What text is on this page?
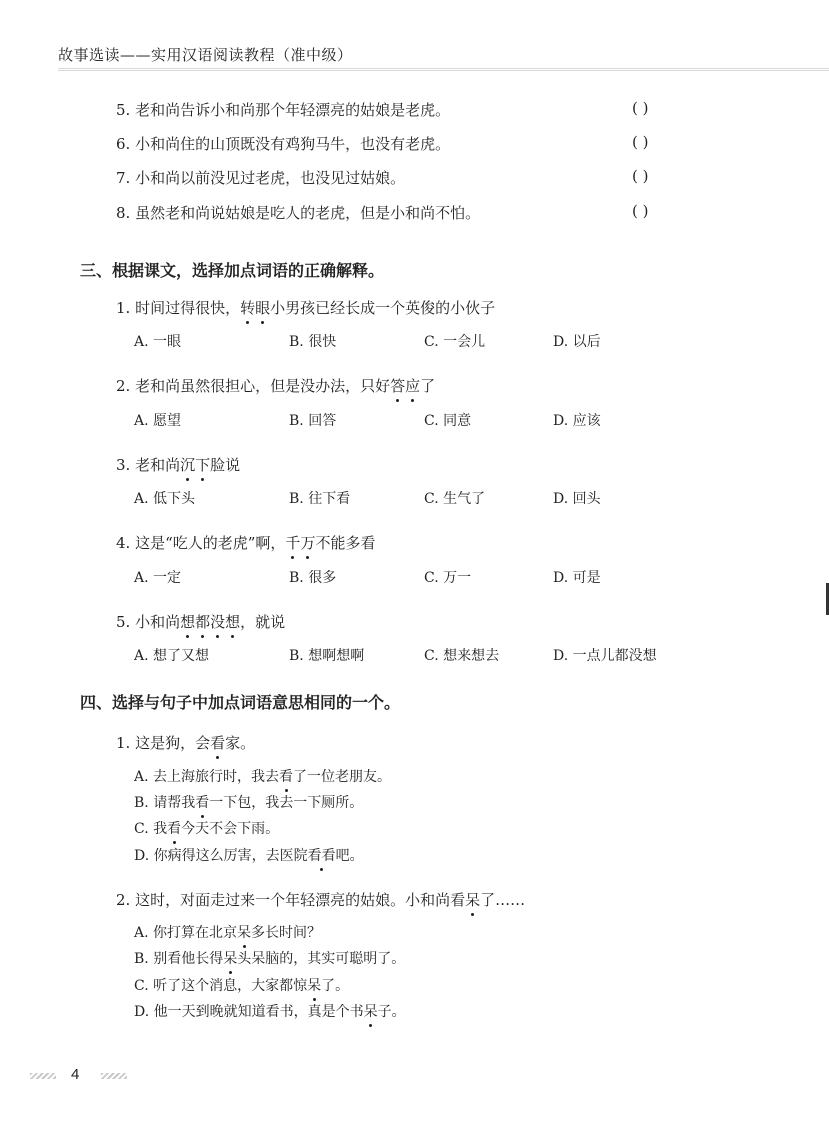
故事选读——实用汉语阅读教程（准中级）
5. 老和尚告诉小和尚那个年轻漂亮的姑娘是老虎。	( )
6. 小和尚住的山顶既没有鸡狗马牛，也没有老虎。	( )
7. 小和尚以前没见过老虎，也没见过姑娘。	( )
8. 虽然老和尚说姑娘是吃人的老虎，但是小和尚不怕。	( )
三、根据课文，选择加点词语的正确解释。
1. 时间过得很快，转眼小男孩已经长成一个英俊的小伙子
A. 一眼	B. 很快	C. 一会儿	D. 以后
2. 老和尚虽然很担心，但是没办法，只好答应了
A. 愿望	B. 回答	C. 同意	D. 应该
3. 老和尚沉下脸说
A. 低下头	B. 往下看	C. 生气了	D. 回头
4. 这是“吃人的老虎”啊，千万不能多看
A. 一定	B. 很多	C. 万一	D. 可是
5. 小和尚想都没想，就说
A. 想了又想	B. 想啊想啊	C. 想来想去	D. 一点儿都没想
四、选择与句子中加点词语意思相同的一个。
1. 这是狗，会看家。
A. 去上海旅行时，我去看了一位老朋友。
B. 请帮我看一下包，我去一下厕所。
C. 我看今天不会下雨。
D. 你病得这么厉害，去医院看看吧。
2. 这时，对面走过来一个年轻漂亮的姑娘。小和尚看呆了……
A. 你打算在北京呆多长时间？
B. 别看他长得呆头呆脑的，其实可聪明了。
C. 听了这个消息，大家都惊呆了。
D. 他一天到晚就知道看书，真是个书呆子。
4
